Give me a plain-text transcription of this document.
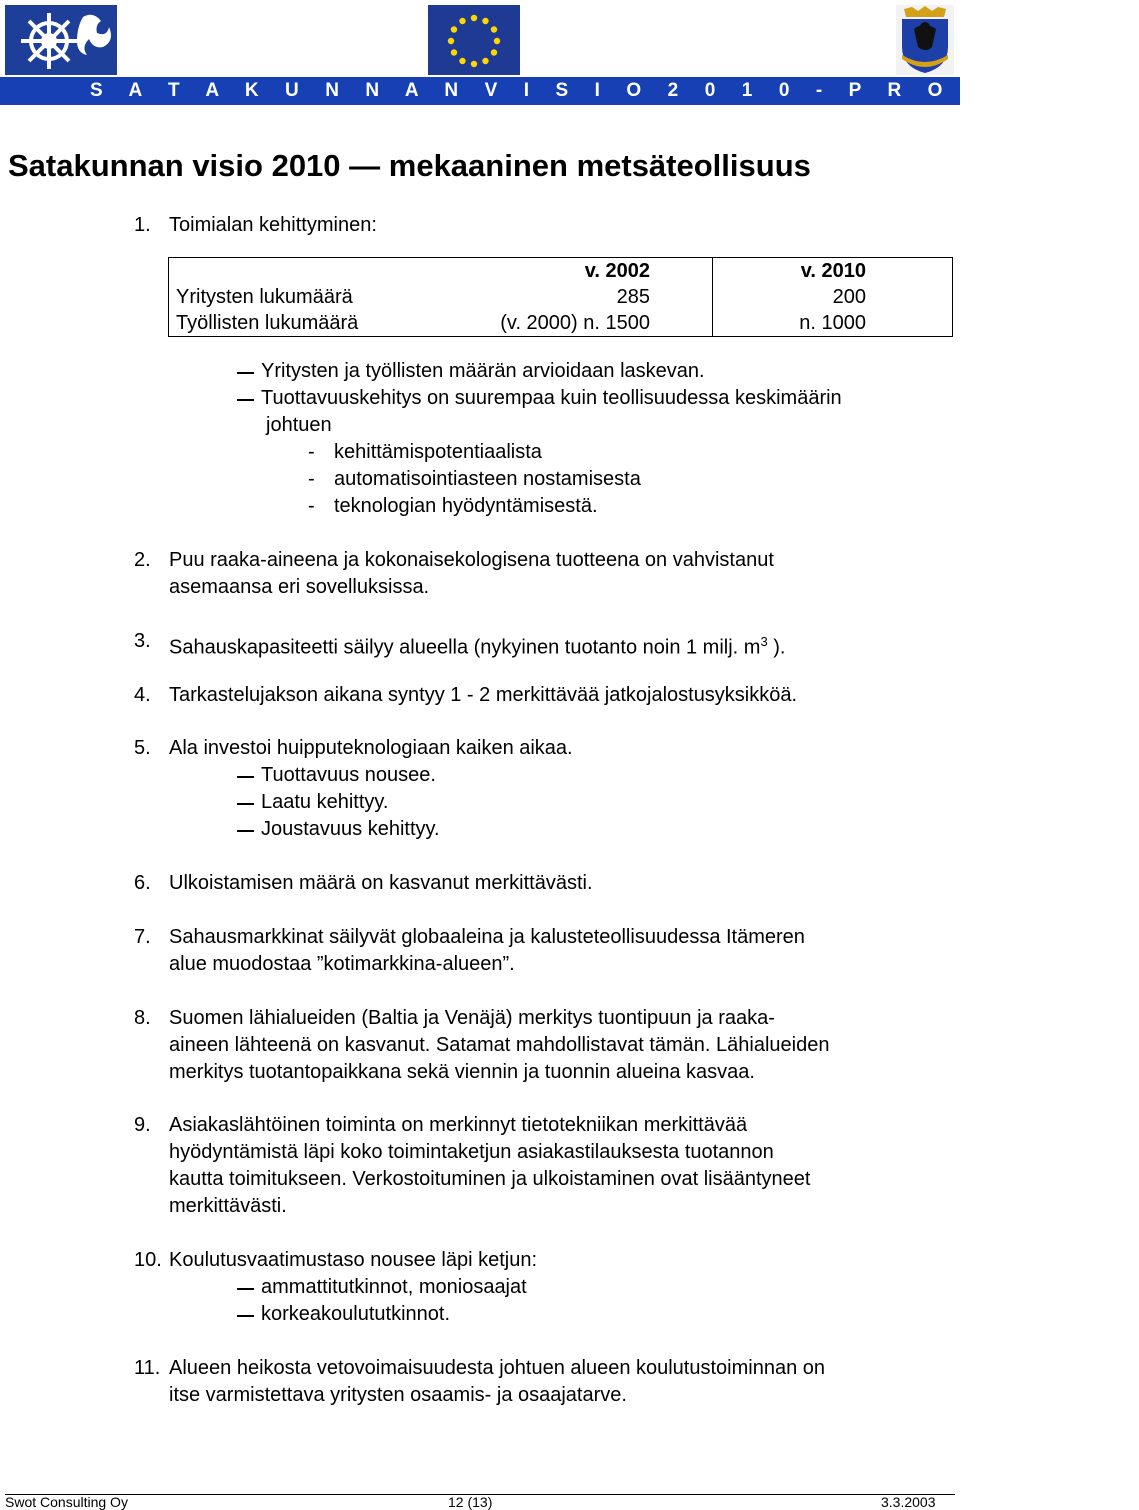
S A T A K U N N A N V I S I O 2 0 1 0 - P R O J E K T I
Satakunnan visio 2010 — mekaaninen metsäteollisuus
1. Toimialan kehittyminen:
	v. 2002	v. 2010
Yritysten lukumäärä	285	200
Työllisten lukumäärä	(v. 2000) n. 1500	n. 1000
Yritysten ja työllisten määrän arvioidaan laskevan.
Tuottavuuskehitys on suurempaa kuin teollisuudessa keskimäärin
johtuen
- kehittämispotentiaalista
- automatisointiasteen nostamisesta
- teknologian hyödyntämisestä.
2. Puu raaka-aineena ja kokonaisekologisena tuotteena on vahvistanut
asemaansa eri sovelluksissa.
3. Sahauskapasiteetti säilyy alueella (nykyinen tuotanto noin 1 milj. $m^3$ ).
4. Tarkastelujakson aikana syntyy 1 - 2 merkittävää jatkojalostusyksikköä.
5. Ala investoi huipputeknologiaan kaiken aikaa.
Tuottavuus nousee.
Laatu kehittyy.
Joustavuus kehittyy.
6. Ulkoistamisen määrä on kasvanut merkittävästi.
7. Sahausmarkkinat säilyvät globaaleina ja kalusteteollisuudessa Itämeren
alue muodostaa ”kotimarkkina-alueen”.
8. Suomen lähialueiden (Baltia ja Venäjä) merkitys tuontipuun ja raaka-
aineen lähteenä on kasvanut. Satamat mahdollistavat tämän. Lähialueiden
merkitys tuotantopaikkana sekä viennin ja tuonnin alueina kasvaa.
9. Asiakaslähtöinen toiminta on merkinnyt tietotekniikan merkittävää
hyödyntämistä läpi koko toimintaketjun asiakastilauksesta tuotannon
kautta toimitukseen. Verkostoituminen ja ulkoistaminen ovat lisääntyneet
merkittävästi.
10. Koulutusvaatimustaso nousee läpi ketjun:
ammattitutkinnot, moniosaajat
korkeakoulututkinnot.
11. Alueen heikosta vetovoimaisuudesta johtuen alueen koulutustoiminnan on
itse varmistettava yritysten osaamis- ja osaajatarve.
Swot Consulting Oy	12 (13)	3.3.2003
